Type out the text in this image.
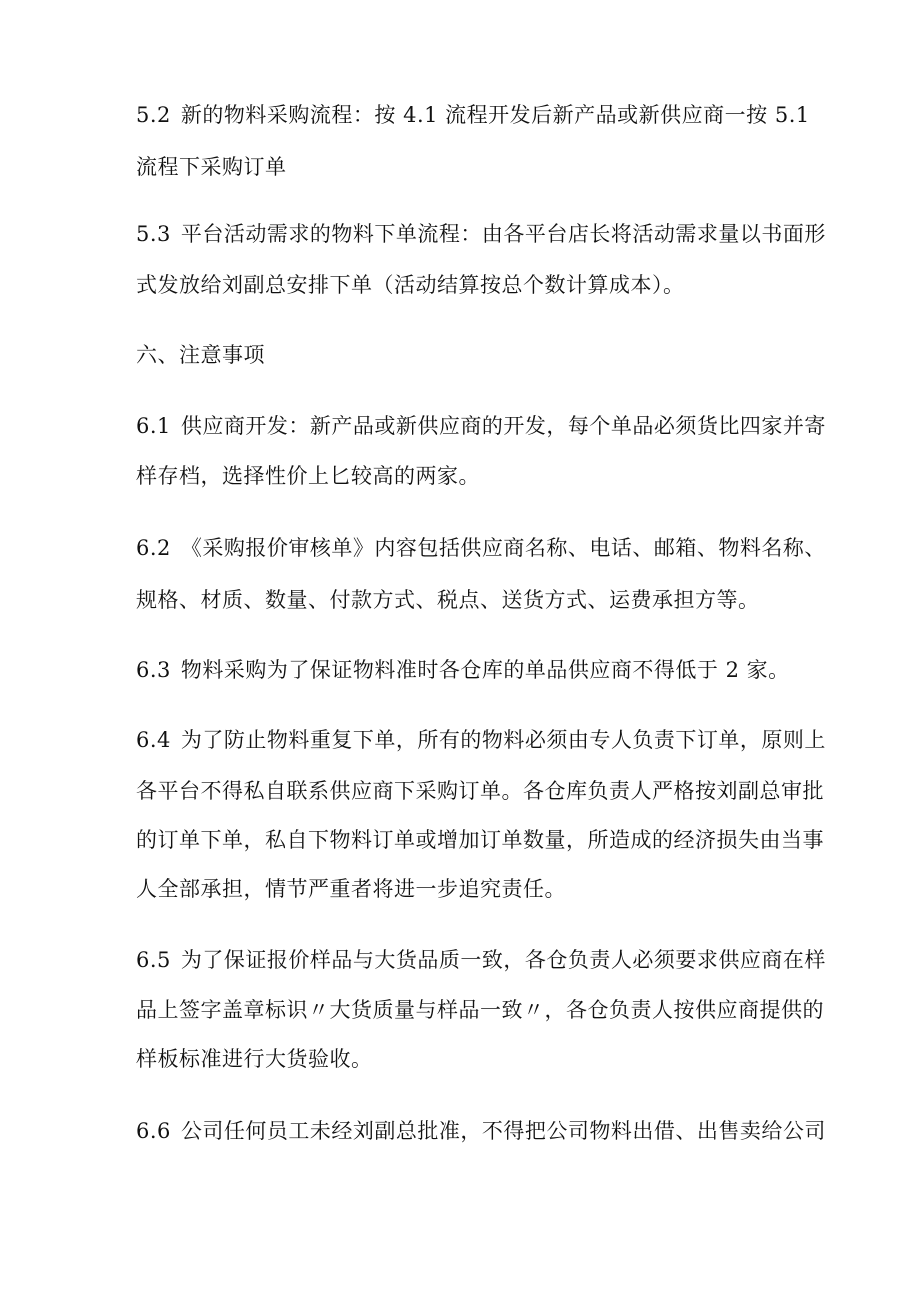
5.2 新的物料采购流程：按 4.1 流程开发后新产品或新供应商一按 5.1
流程下采购订单
5.3 平台活动需求的物料下单流程：由各平台店长将活动需求量以书面形
式发放给刘副总安排下单（活动结算按总个数计算成本）。
六、注意事项
6.1 供应商开发：新产品或新供应商的开发，每个单品必须货比四家并寄
样存档，选择性价上匕较高的两家。
6.2 《采购报价审核单》内容包括供应商名称、电话、邮箱、物料名称、
规格、材质、数量、付款方式、税点、送货方式、运费承担方等。
6.3 物料采购为了保证物料准时各仓库的单品供应商不得低于 2 家。
6.4 为了防止物料重复下单，所有的物料必须由专人负责下订单，原则上
各平台不得私自联系供应商下采购订单。各仓库负责人严格按刘副总审批
的订单下单，私自下物料订单或增加订单数量，所造成的经济损失由当事
人全部承担，情节严重者将进一步追究责任。
6.5 为了保证报价样品与大货品质一致，各仓负责人必须要求供应商在样
品上签字盖章标识〃大货质量与样品一致〃，各仓负责人按供应商提供的
样板标准进行大货验收。
6.6 公司任何员工未经刘副总批准，不得把公司物料出借、出售卖给公司
